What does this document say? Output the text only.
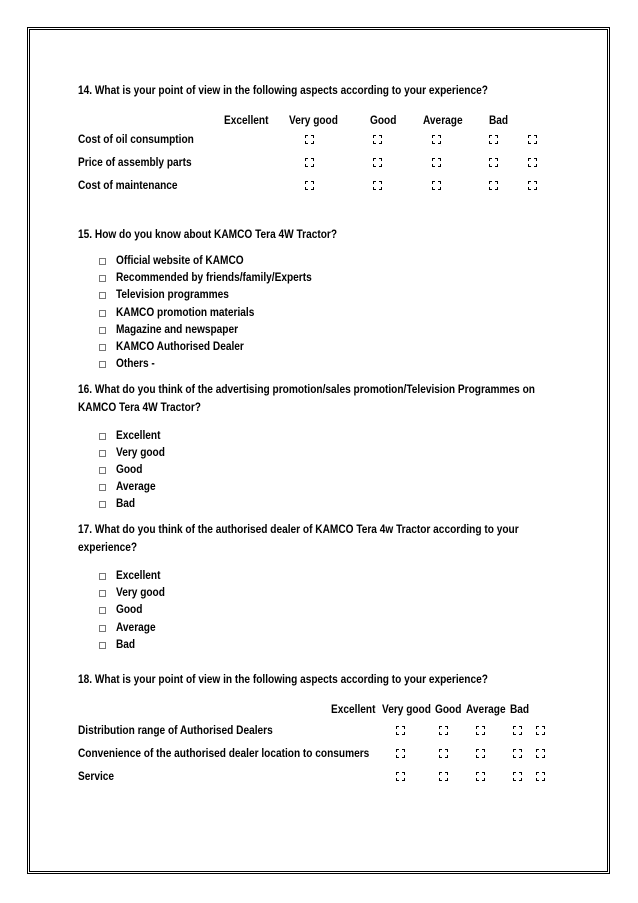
14. What is your point of view in the following aspects according to your experience?
Excellent Very good	Good Average Bad
Cost of oil consumption
Price of assembly parts
Cost of maintenance
15. How do you know about KAMCO Tera 4W Tractor?
Official website of KAMCO
Recommended by friends/family/Experts
Television programmes
KAMCO promotion materials
Magazine and newspaper
KAMCO Authorised Dealer
Others -
16. What do you think of the advertising promotion/sales promotion/Television Programmes on
KAMCO Tera 4W Tractor?
Excellent
Very good
Good
Average
Bad
17. What do you think of the authorised dealer of KAMCO Tera 4w Tractor according to your
experience?
Excellent
Very good
Good
Average
Bad
18. What is your point of view in the following aspects according to your experience?
Excellent Very good Good Average Bad
Distribution range of Authorised Dealers
Convenience of the authorised dealer location to consumers
Service
